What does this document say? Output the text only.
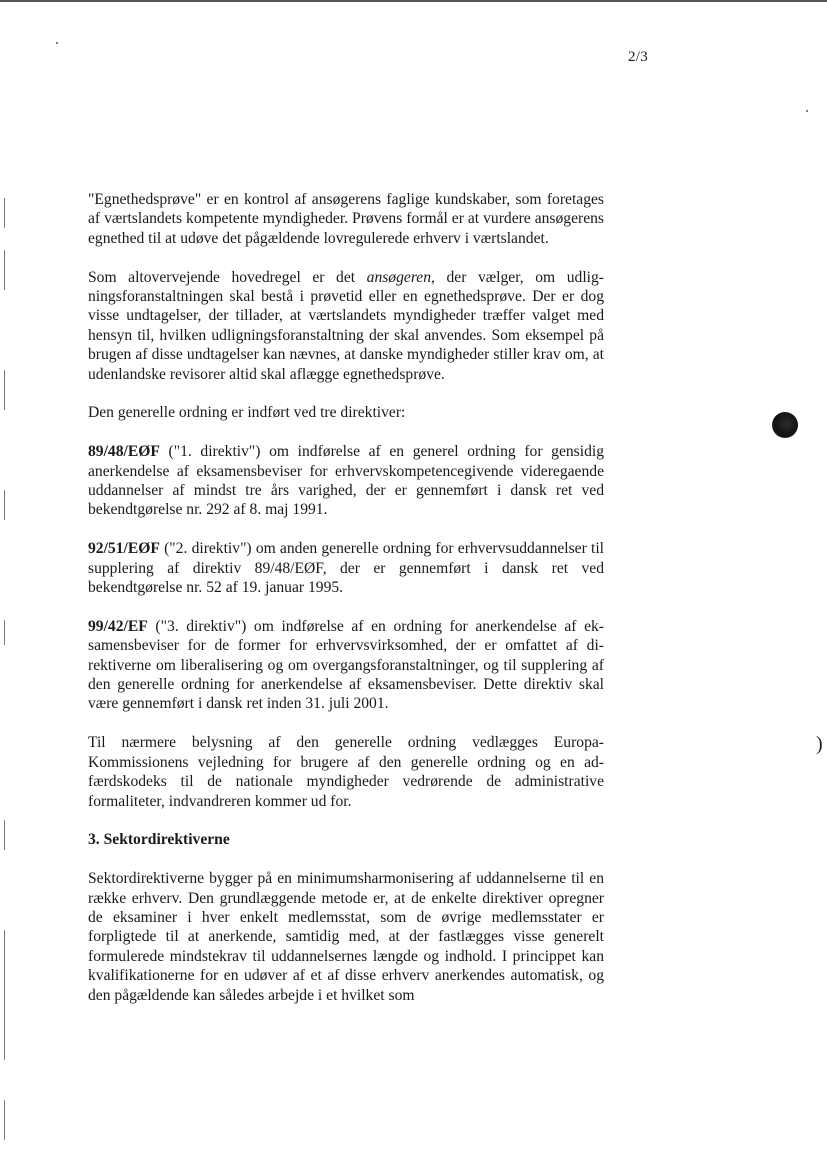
2/3

"Egnethedsprøve" er en kontrol af ansøgerens faglige kundskaber, som foretages af værtslandets kompetente myndigheder. Prøvens formål er at vurdere ansøgerens egnethed til at udøve det pågældende lovregulerede erhverv i værtslandet.

Som altovervejende hovedregel er det ansøgeren, der vælger, om udligningsforanstaltningen skal bestå i prøvetid eller en egnethedsprøve. Der er dog visse undtagelser, der tillader, at værtslandets myndigheder træffer valget med hensyn til, hvilken udligningsforanstaltning der skal anvendes. Som eksempel på brugen af disse undtagelser kan nævnes, at danske myndigheder stiller krav om, at udenlandske revisorer altid skal aflægge egnethedsprøve.

Den generelle ordning er indført ved tre direktiver:

89/48/EØF ("1. direktiv") om indførelse af en generel ordning for gensidig anerkendelse af eksamensbeviser for erhvervskompetencegivende videregaende uddannelser af mindst tre års varighed, der er gennemført i dansk ret ved bekendtgørelse nr. 292 af 8. maj 1991.

92/51/EØF ("2. direktiv") om anden generelle ordning for erhvervsuddannelser til supplering af direktiv 89/48/EØF, der er gennemført i dansk ret ved bekendtgørelse nr. 52 af 19. januar 1995.

99/42/EF ("3. direktiv") om indførelse af en ordning for anerkendelse af eksamensbeviser for de former for erhvervsvirksomhed, der er omfattet af direktiverne om liberalisering og om overgangsforanstaltninger, og til supplering af den generelle ordning for anerkendelse af eksamensbeviser. Dette direktiv skal være gennemført i dansk ret inden 31. juli 2001.

Til nærmere belysning af den generelle ordning vedlægges Europa-Kommissionens vejledning for brugere af den generelle ordning og en adfærdskodeks til de nationale myndigheder vedrørende de administrative formaliteter, indvandreren kommer ud for.

3. Sektordirektiverne

Sektordirektiverne bygger på en minimumsharmonisering af uddannelserne til en række erhverv. Den grundlæggende metode er, at de enkelte direktiver opregner de eksaminer i hver enkelt medlemsstat, som de øvrige medlemsstater er forpligtede til at anerkende, samtidig med, at der fastlægges visse generelt formulerede mindstekrav til uddannelsernes længde og indhold. I princippet kan kvalifikationerne for en udøver af et af disse erhverv anerkendes automatisk, og den pågældende kan således arbejde i et hvilket som

)
